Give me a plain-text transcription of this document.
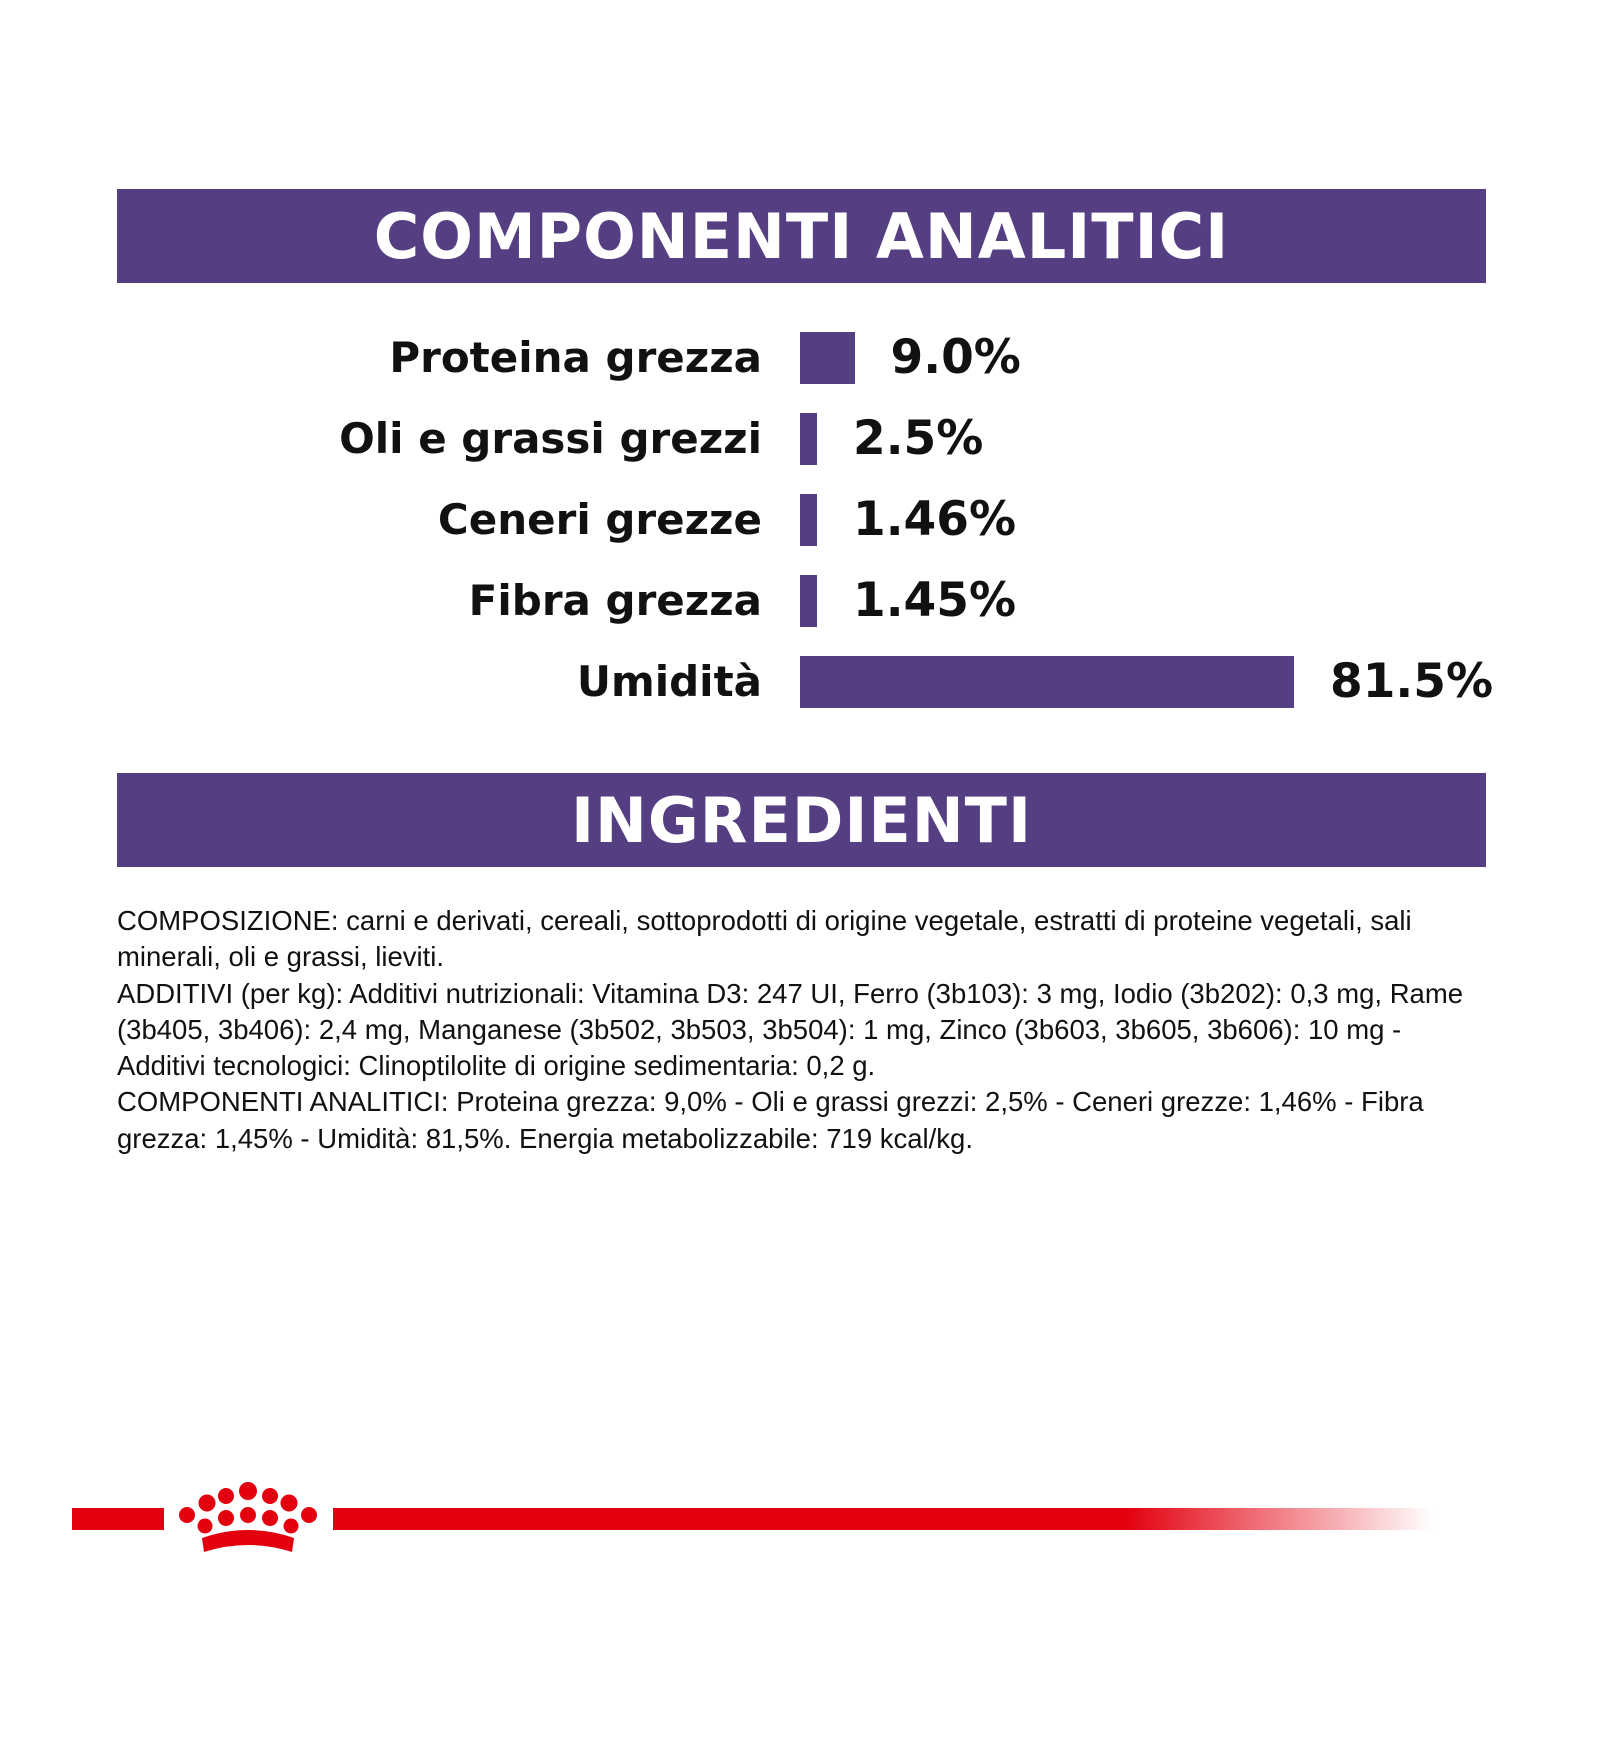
COMPONENTI ANALITICI
Proteina grezza	9.0%
Oli e grassi grezzi 2.5%
Ceneri grezze 1.46%
Fibra grezza 1.45%
Umidità	81.5%
INGREDIENTI

COMPOSIZIONE: carni e derivati, cereali, sottoprodotti di origine vegetale, estratti di proteine vegetali, sali minerali, oli e grassi, lieviti.

ADDITIVI (per kg): Additivi nutrizionali: Vitamina D3: 247 UI, Ferro (3b103): 3 mg, Iodio (3b202): 0,3 mg, Rame (3b405, 3b406): 2,4 mg, Manganese (3b502, 3b503, 3b504): 1 mg, Zinco (3b603, 3b605, 3b606): 10 mg - Additivi tecnologici: Clinoptilolite di origine sedimentaria: 0,2 g.

COMPONENTI ANALITICI: Proteina grezza: 9,0% - Oli e grassi grezzi: 2,5% - Ceneri grezze: 1,46% - Fibra grezza: 1,45% - Umidità: 81,5%. Energia metabolizzabile: 719 kcal/kg.
